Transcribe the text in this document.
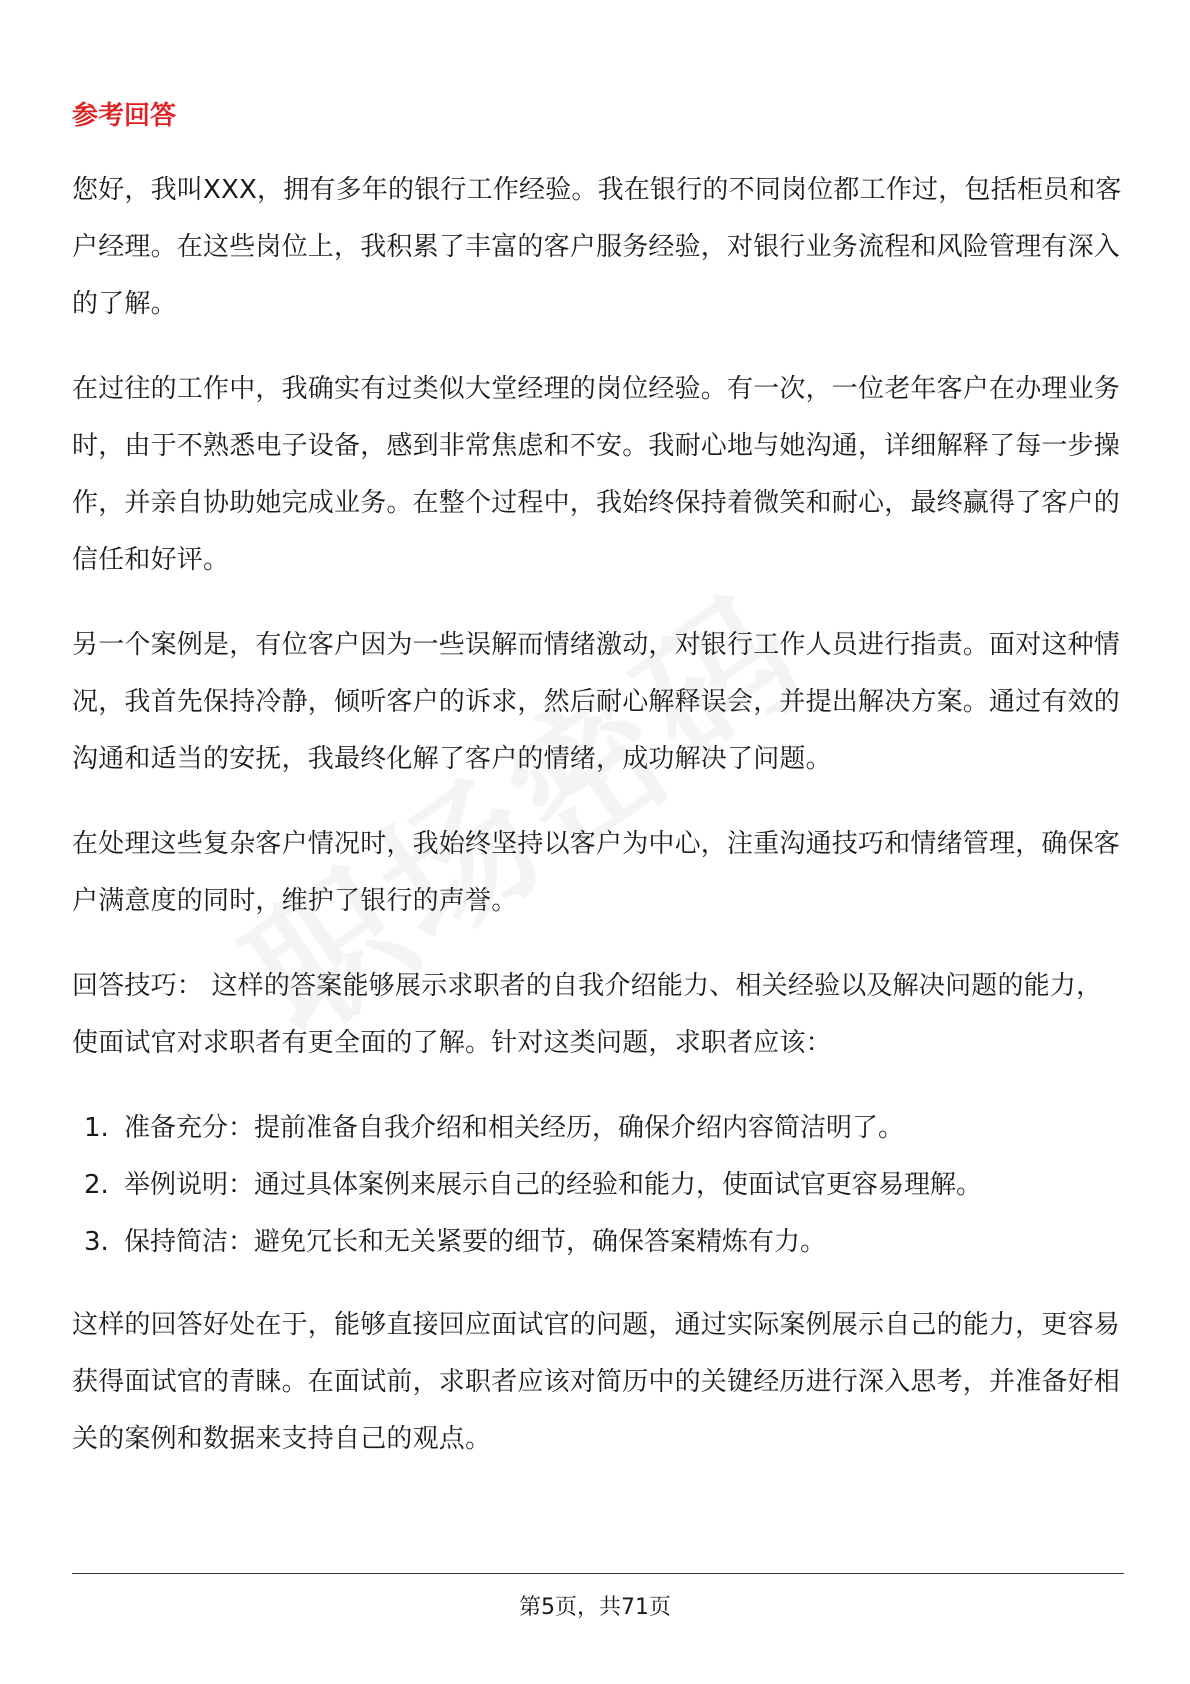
参考回答

您好，我叫XXX，拥有多年的银行工作经验。我在银行的不同岗位都工作过，包括柜员和客户经理。在这些岗位上，我积累了丰富的客户服务经验，对银行业务流程和风险管理有深入的了解。

在过往的工作中，我确实有过类似大堂经理的岗位经验。有一次，一位老年客户在办理业务时，由于不熟悉电子设备，感到非常焦虑和不安。我耐心地与她沟通，详细解释了每一步操作，并亲自协助她完成业务。在整个过程中，我始终保持着微笑和耐心，最终赢得了客户的信任和好评。

另一个案例是，有位客户因为一些误解而情绪激动，对银行工作人员进行指责。面对这种情况，我首先保持冷静，倾听客户的诉求，然后耐心解释误会，并提出解决方案。通过有效的沟通和适当的安抚，我最终化解了客户的情绪，成功解决了问题。

在处理这些复杂客户情况时，我始终坚持以客户为中心，注重沟通技巧和情绪管理，确保客户满意度的同时，维护了银行的声誉。

回答技巧： 这样的答案能够展示求职者的自我介绍能力、相关经验以及解决问题的能力，使面试官对求职者有更全面的了解。针对这类问题，求职者应该：

1. 准备充分：提前准备自我介绍和相关经历，确保介绍内容简洁明了。
2. 举例说明：通过具体案例来展示自己的经验和能力，使面试官更容易理解。
3. 保持简洁：避免冗长和无关紧要的细节，确保答案精炼有力。

这样的回答好处在于，能够直接回应面试官的问题，通过实际案例展示自己的能力，更容易获得面试官的青睐。在面试前，求职者应该对简历中的关键经历进行深入思考，并准备好相关的案例和数据来支持自己的观点。

第5页，共71页
